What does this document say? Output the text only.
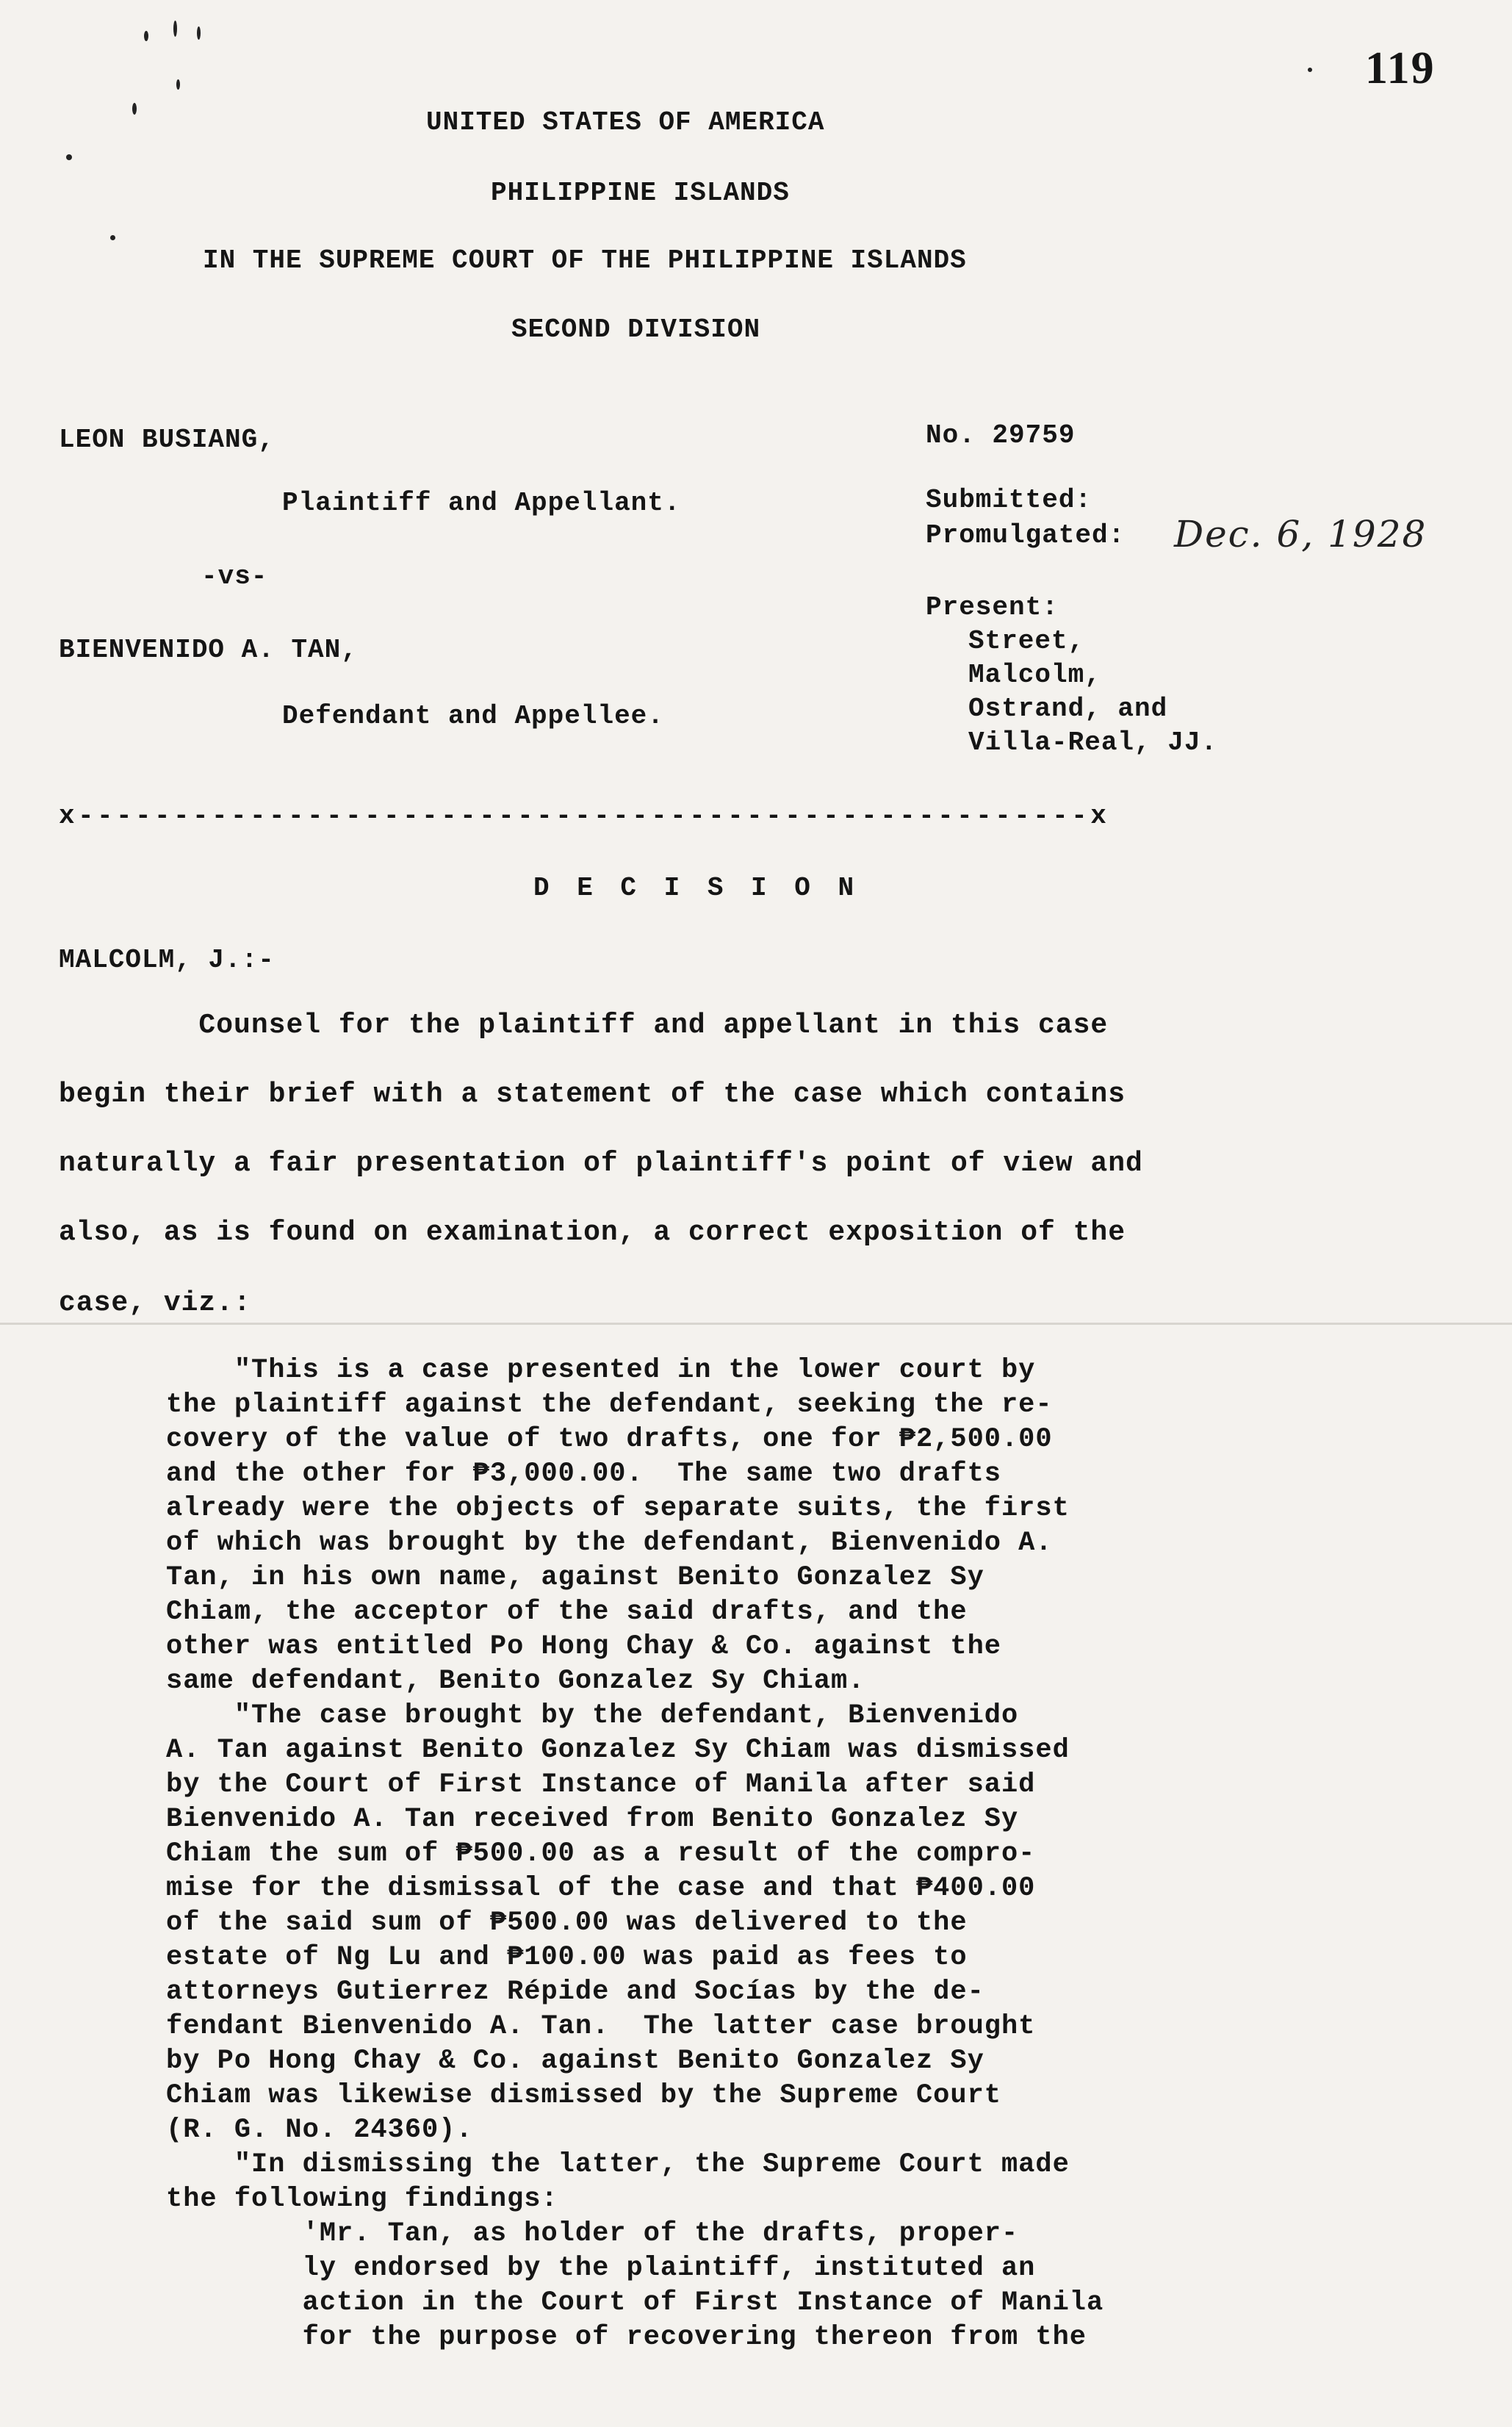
119
UNITED STATES OF AMERICA
PHILIPPINE ISLANDS
IN THE SUPREME COURT OF THE PHILIPPINE ISLANDS
SECOND DIVISION
LEON BUSIANG,
Plaintiff and Appellant.
-vs-
BIENVENIDO A. TAN,
Defendant and Appellee.
No. 29759
Submitted:
Promulgated: Dec. 6, 1928
Present:
Street,
Malcolm,
Ostrand, and
Villa-Real, JJ.
x-----------------------------------------------------x
D E C I S I O N
MALCOLM, J.:-
Counsel for the plaintiff and appellant in this case
begin their brief with a statement of the case which contains
naturally a fair presentation of plaintiff's point of view and
also, as is found on examination, a correct exposition of the
case, viz.:
"This is a case presented in the lower court by
the plaintiff against the defendant, seeking the re-
covery of the value of two drafts, one for ₱2,500.00
and the other for ₱3,000.00.  The same two drafts
already were the objects of separate suits, the first
of which was brought by the defendant, Bienvenido A.
Tan, in his own name, against Benito Gonzalez Sy
Chiam, the acceptor of the said drafts, and the
other was entitled Po Hong Chay & Co. against the
same defendant, Benito Gonzalez Sy Chiam.
"The case brought by the defendant, Bienvenido
A. Tan against Benito Gonzalez Sy Chiam was dismissed
by the Court of First Instance of Manila after said
Bienvenido A. Tan received from Benito Gonzalez Sy
Chiam the sum of ₱500.00 as a result of the compro-
mise for the dismissal of the case and that ₱400.00
of the said sum of ₱500.00 was delivered to the
estate of Ng Lu and ₱100.00 was paid as fees to
attorneys Gutierrez Répide and Socías by the de-
fendant Bienvenido A. Tan.  The latter case brought
by Po Hong Chay & Co. against Benito Gonzalez Sy
Chiam was likewise dismissed by the Supreme Court
(R. G. No. 24360).
"In dismissing the latter, the Supreme Court made
the following findings:
'Mr. Tan, as holder of the drafts, proper-
ly endorsed by the plaintiff, instituted an
action in the Court of First Instance of Manila
for the purpose of recovering thereon from the
